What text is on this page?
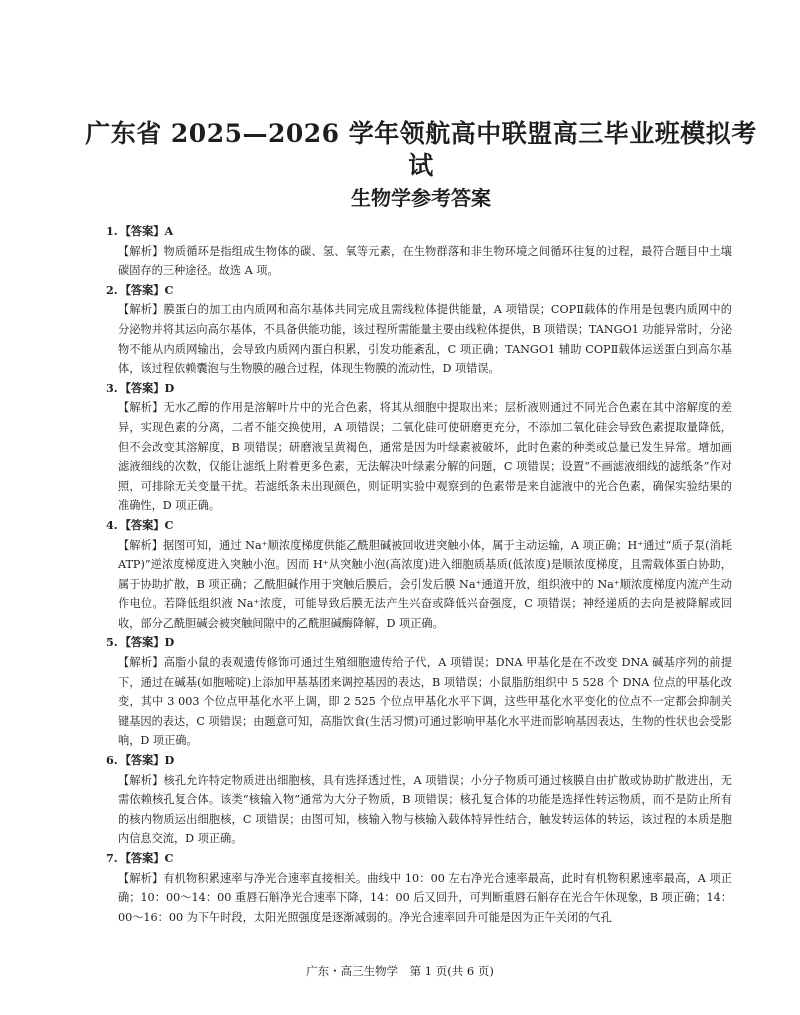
广东省 2025—2026 学年领航高中联盟高三毕业班模拟考试
生物学参考答案
1. 【答案】A
【解析】物质循环是指组成生物体的碳、氢、氧等元素，在生物群落和非生物环境之间循环往复的过程，最符合题目中土壤碳固存的三种途径。故选 A 项。
2. 【答案】C
【解析】膜蛋白的加工由内质网和高尔基体共同完成且需线粒体提供能量，A 项错误；COPⅡ载体的作用是包裹内质网中的分泌物并将其运向高尔基体，不具备供能功能，该过程所需能量主要由线粒体提供，B 项错误；TANGO1 功能异常时，分泌物不能从内质网输出，会导致内质网内蛋白积累，引发功能紊乱，C 项正确；TANGO1 辅助 COPⅡ载体运送蛋白到高尔基体，该过程依赖囊泡与生物膜的融合过程，体现生物膜的流动性，D 项错误。
3. 【答案】D
【解析】无水乙醇的作用是溶解叶片中的光合色素，将其从细胞中提取出来；层析液则通过不同光合色素在其中溶解度的差异，实现色素的分离，二者不能交换使用，A 项错误；二氧化硅可使研磨更充分，不添加二氧化硅会导致色素提取量降低，但不会改变其溶解度，B 项错误；研磨液呈黄褐色，通常是因为叶绿素被破坏，此时色素的种类或总量已发生异常。增加画滤液细线的次数，仅能让滤纸上附着更多色素，无法解决叶绿素分解的问题，C 项错误；设置“不画滤液细线的滤纸条”作对照，可排除无关变量干扰。若滤纸条未出现颜色，则证明实验中观察到的色素带是来自滤液中的光合色素，确保实验结果的准确性，D 项正确。
4. 【答案】C
【解析】据图可知，通过 Na⁺顺浓度梯度供能乙酰胆碱被回收进突触小体，属于主动运输，A 项正确；H⁺通过“质子泵(消耗 ATP)”逆浓度梯度进入突触小泡。因而 H⁺从突触小泡(高浓度)进入细胞质基质(低浓度)是顺浓度梯度，且需载体蛋白协助，属于协助扩散，B 项正确；乙酰胆碱作用于突触后膜后，会引发后膜 Na⁺通道开放，组织液中的 Na⁺顺浓度梯度内流产生动作电位。若降低组织液 Na⁺浓度，可能导致后膜无法产生兴奋或降低兴奋强度，C 项错误；神经递质的去向是被降解或回收，部分乙酰胆碱会被突触间隙中的乙酰胆碱酶降解，D 项正确。
5. 【答案】D
【解析】高脂小鼠的表观遗传修饰可通过生殖细胞遗传给子代，A 项错误；DNA 甲基化是在不改变 DNA 碱基序列的前提下，通过在碱基(如胞嘧啶)上添加甲基基团来调控基因的表达，B 项错误；小鼠脂肪组织中 5 528 个 DNA 位点的甲基化改变，其中 3 003 个位点甲基化水平上调，即 2 525 个位点甲基化水平下调，这些甲基化水平变化的位点不一定都会抑制关键基因的表达，C 项错误；由题意可知，高脂饮食(生活习惯)可通过影响甲基化水平进而影响基因表达，生物的性状也会受影响，D 项正确。
6. 【答案】D
【解析】核孔允许特定物质进出细胞核，具有选择透过性，A 项错误；小分子物质可通过核膜自由扩散或协助扩散进出，无需依赖核孔复合体。该类“核输入物”通常为大分子物质，B 项错误；核孔复合体的功能是选择性转运物质，而不是防止所有的核内物质运出细胞核，C 项错误；由图可知，核输入物与核输入载体特异性结合，触发转运体的转运，该过程的本质是胞内信息交流，D 项正确。
7. 【答案】C
【解析】有机物积累速率与净光合速率直接相关。曲线中 10：00 左右净光合速率最高，此时有机物积累速率最高，A 项正确；10：00～14：00 重唇石斛净光合速率下降，14：00 后又回升，可判断重唇石斛存在光合午休现象，B 项正确；14：00～16：00 为下午时段，太阳光照强度是逐渐减弱的。净光合速率回升可能是因为正午关闭的气孔
广东・高三生物学　第 1 页(共 6 页)
